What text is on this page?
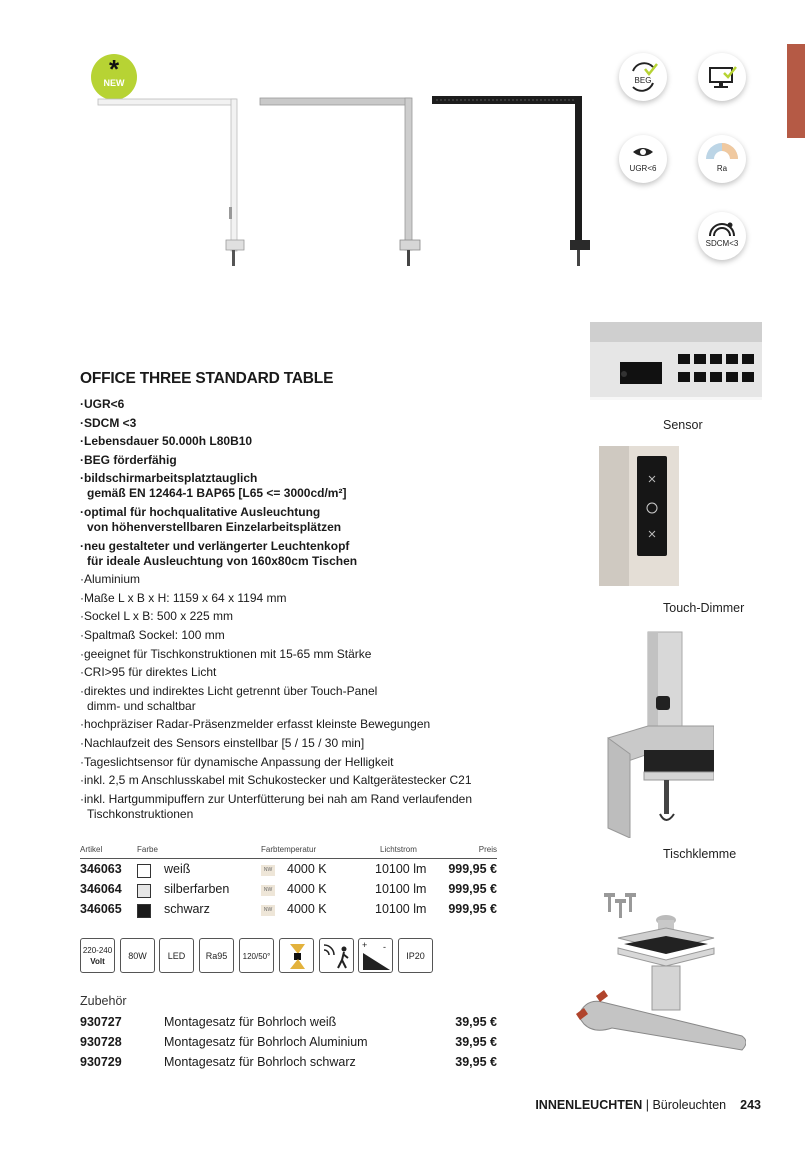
*
NEW	BEG
UGR<6	Ra
SDCM<3
OFFICE THREE STANDARD TABLE
· UGR<6
· SDCM <3
· Lebensdauer 50.000h L80B10
· BEG förderfähig
· bildschirmarbeitsplatztauglich
gemäß EN 12464-1 BAP65 [L65 <= 3000cd/m²]
· optimal für hochqualitative Ausleuchtung
von höhenverstellbaren Einzelarbeitsplätzen
· neu gestalteter und verlängerter Leuchtenkopf
für ideale Ausleuchtung von 160x80cm Tischen
· Aluminium
· Maße L x B x H: 1159 x 64 x 1194 mm
· Sockel L x B: 500 x 225 mm
· Spaltmaß Sockel: 100 mm
· geeignet für Tischkonstruktionen mit 15-65 mm Stärke
· CRI>95 für direktes Licht
· direktes und indirektes Licht getrennt über Touch-Panel
dimm- und schaltbar
· hochpräziser Radar-Präsenzmelder erfasst kleinste Bewegungen
· Nachlaufzeit des Sensors einstellbar [5 / 15 / 30 min]
· Tageslichtsensor für dynamische Anpassung der Helligkeit
· inkl. 2,5 m Anschlusskabel mit Schukostecker und Kaltgerätestecker C21
· inkl. Hartgummipuffern zur Unterfütterung bei nah am Rand verlaufenden
Tischkonstruktionen
Artikel	Farbe	Farbtemperatur	Lichtstrom	Preis
346063	weiß	NW 4000 K	10100 lm 999,95 €
346064	silberfarben	NW 4000 K	10100 lm 999,95 €
346065	schwarz	NW 4000 K	10100 lm 999,95 €
220-240
Volt
80W	LED	Ra95	120/50°
-
+
IP20
Zubehör
930727	Montagesatz für Bohrloch weiß	39,95 €
930728	Montagesatz für Bohrloch Aluminium	39,95 €
930729	Montagesatz für Bohrloch schwarz	39,95 €
Sensor
Touch-Dimmer
Tischklemme
INNENLEUCHTEN | Büroleuchten 243
